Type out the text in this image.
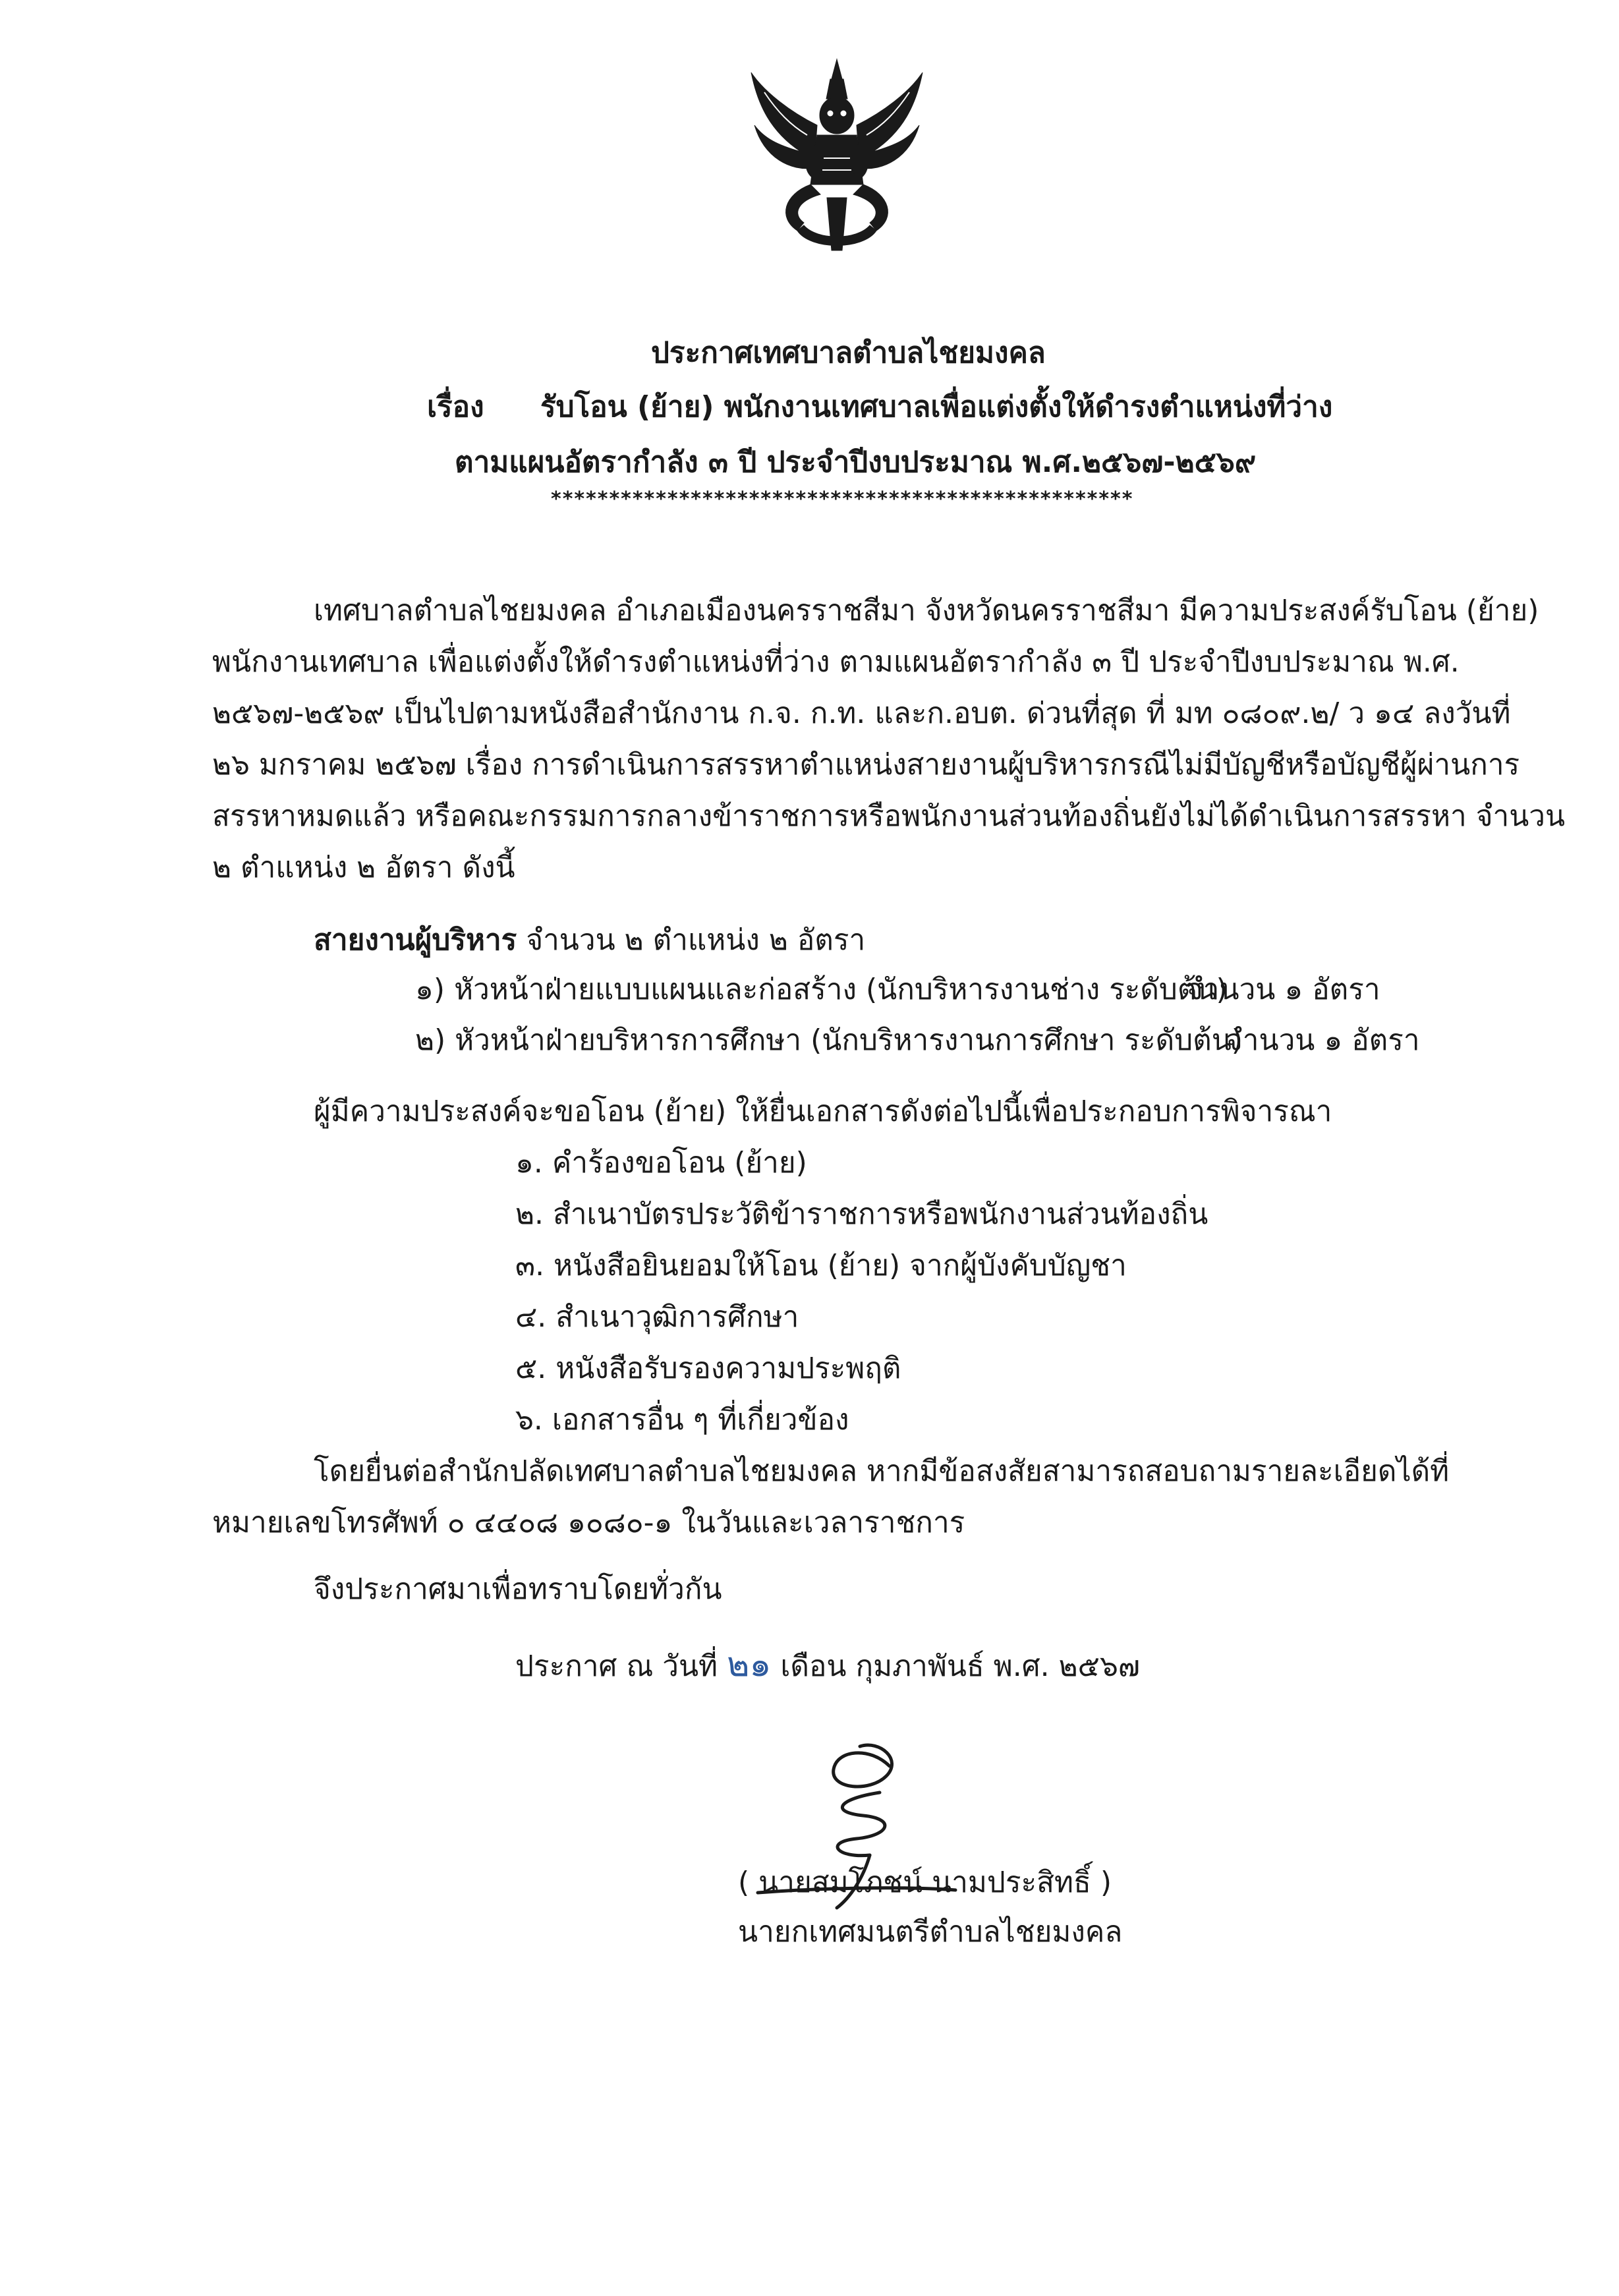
ประกาศเทศบาลตำบลไชยมงคล
เรื่อง รับโอน (ย้าย) พนักงานเทศบาลเพื่อแต่งตั้งให้ดำรงตำแหน่งที่ว่าง
ตามแผนอัตรากำลัง ๓ ปี ประจำปีงบประมาณ พ.ศ.๒๕๖๗-๒๕๖๙
**************************************************
เทศบาลตำบลไชยมงคล อำเภอเมืองนครราชสีมา จังหวัดนครราชสีมา มีความประสงค์รับโอน (ย้าย)
พนักงานเทศบาล เพื่อแต่งตั้งให้ดำรงตำแหน่งที่ว่าง ตามแผนอัตรากำลัง ๓ ปี ประจำปีงบประมาณ พ.ศ.
๒๕๖๗-๒๕๖๙ เป็นไปตามหนังสือสำนักงาน ก.จ. ก.ท. และก.อบต. ด่วนที่สุด ที่ มท ๐๘๐๙.๒/ ว ๑๔ ลงวันที่
๒๖ มกราคม ๒๕๖๗ เรื่อง การดำเนินการสรรหาตำแหน่งสายงานผู้บริหารกรณีไม่มีบัญชีหรือบัญชีผู้ผ่านการ
สรรหาหมดแล้ว หรือคณะกรรมการกลางข้าราชการหรือพนักงานส่วนท้องถิ่นยังไม่ได้ดำเนินการสรรหา จำนวน
๒ ตำแหน่ง ๒ อัตรา ดังนี้
สายงานผู้บริหาร จำนวน ๒ ตำแหน่ง ๒ อัตรา
๑) หัวหน้าฝ่ายแบบแผนและก่อสร้าง (นักบริหารงานช่าง ระดับต้น)
จำนวน ๑ อัตรา
๒) หัวหน้าฝ่ายบริหารการศึกษา (นักบริหารงานการศึกษา ระดับต้น)
จำนวน ๑ อัตรา
ผู้มีความประสงค์จะขอโอน (ย้าย) ให้ยื่นเอกสารดังต่อไปนี้เพื่อประกอบการพิจารณา
๑. คำร้องขอโอน (ย้าย)
๒. สำเนาบัตรประวัติข้าราชการหรือพนักงานส่วนท้องถิ่น
๓. หนังสือยินยอมให้โอน (ย้าย) จากผู้บังคับบัญชา
๔. สำเนาวุฒิการศึกษา
๕. หนังสือรับรองความประพฤติ
๖. เอกสารอื่น ๆ ที่เกี่ยวข้อง
โดยยื่นต่อสำนักปลัดเทศบาลตำบลไชยมงคล หากมีข้อสงสัยสามารถสอบถามรายละเอียดได้ที่
หมายเลขโทรศัพท์ ๐ ๔๔๐๘ ๑๐๘๐-๑ ในวันและเวลาราชการ
จึงประกาศมาเพื่อทราบโดยทั่วกัน
ประกาศ ณ วันที่ ๒๑ เดือน กุมภาพันธ์ พ.ศ. ๒๕๖๗
( นายสมโภชน์ นามประสิทธิ์ )
นายกเทศมนตรีตำบลไชยมงคล
